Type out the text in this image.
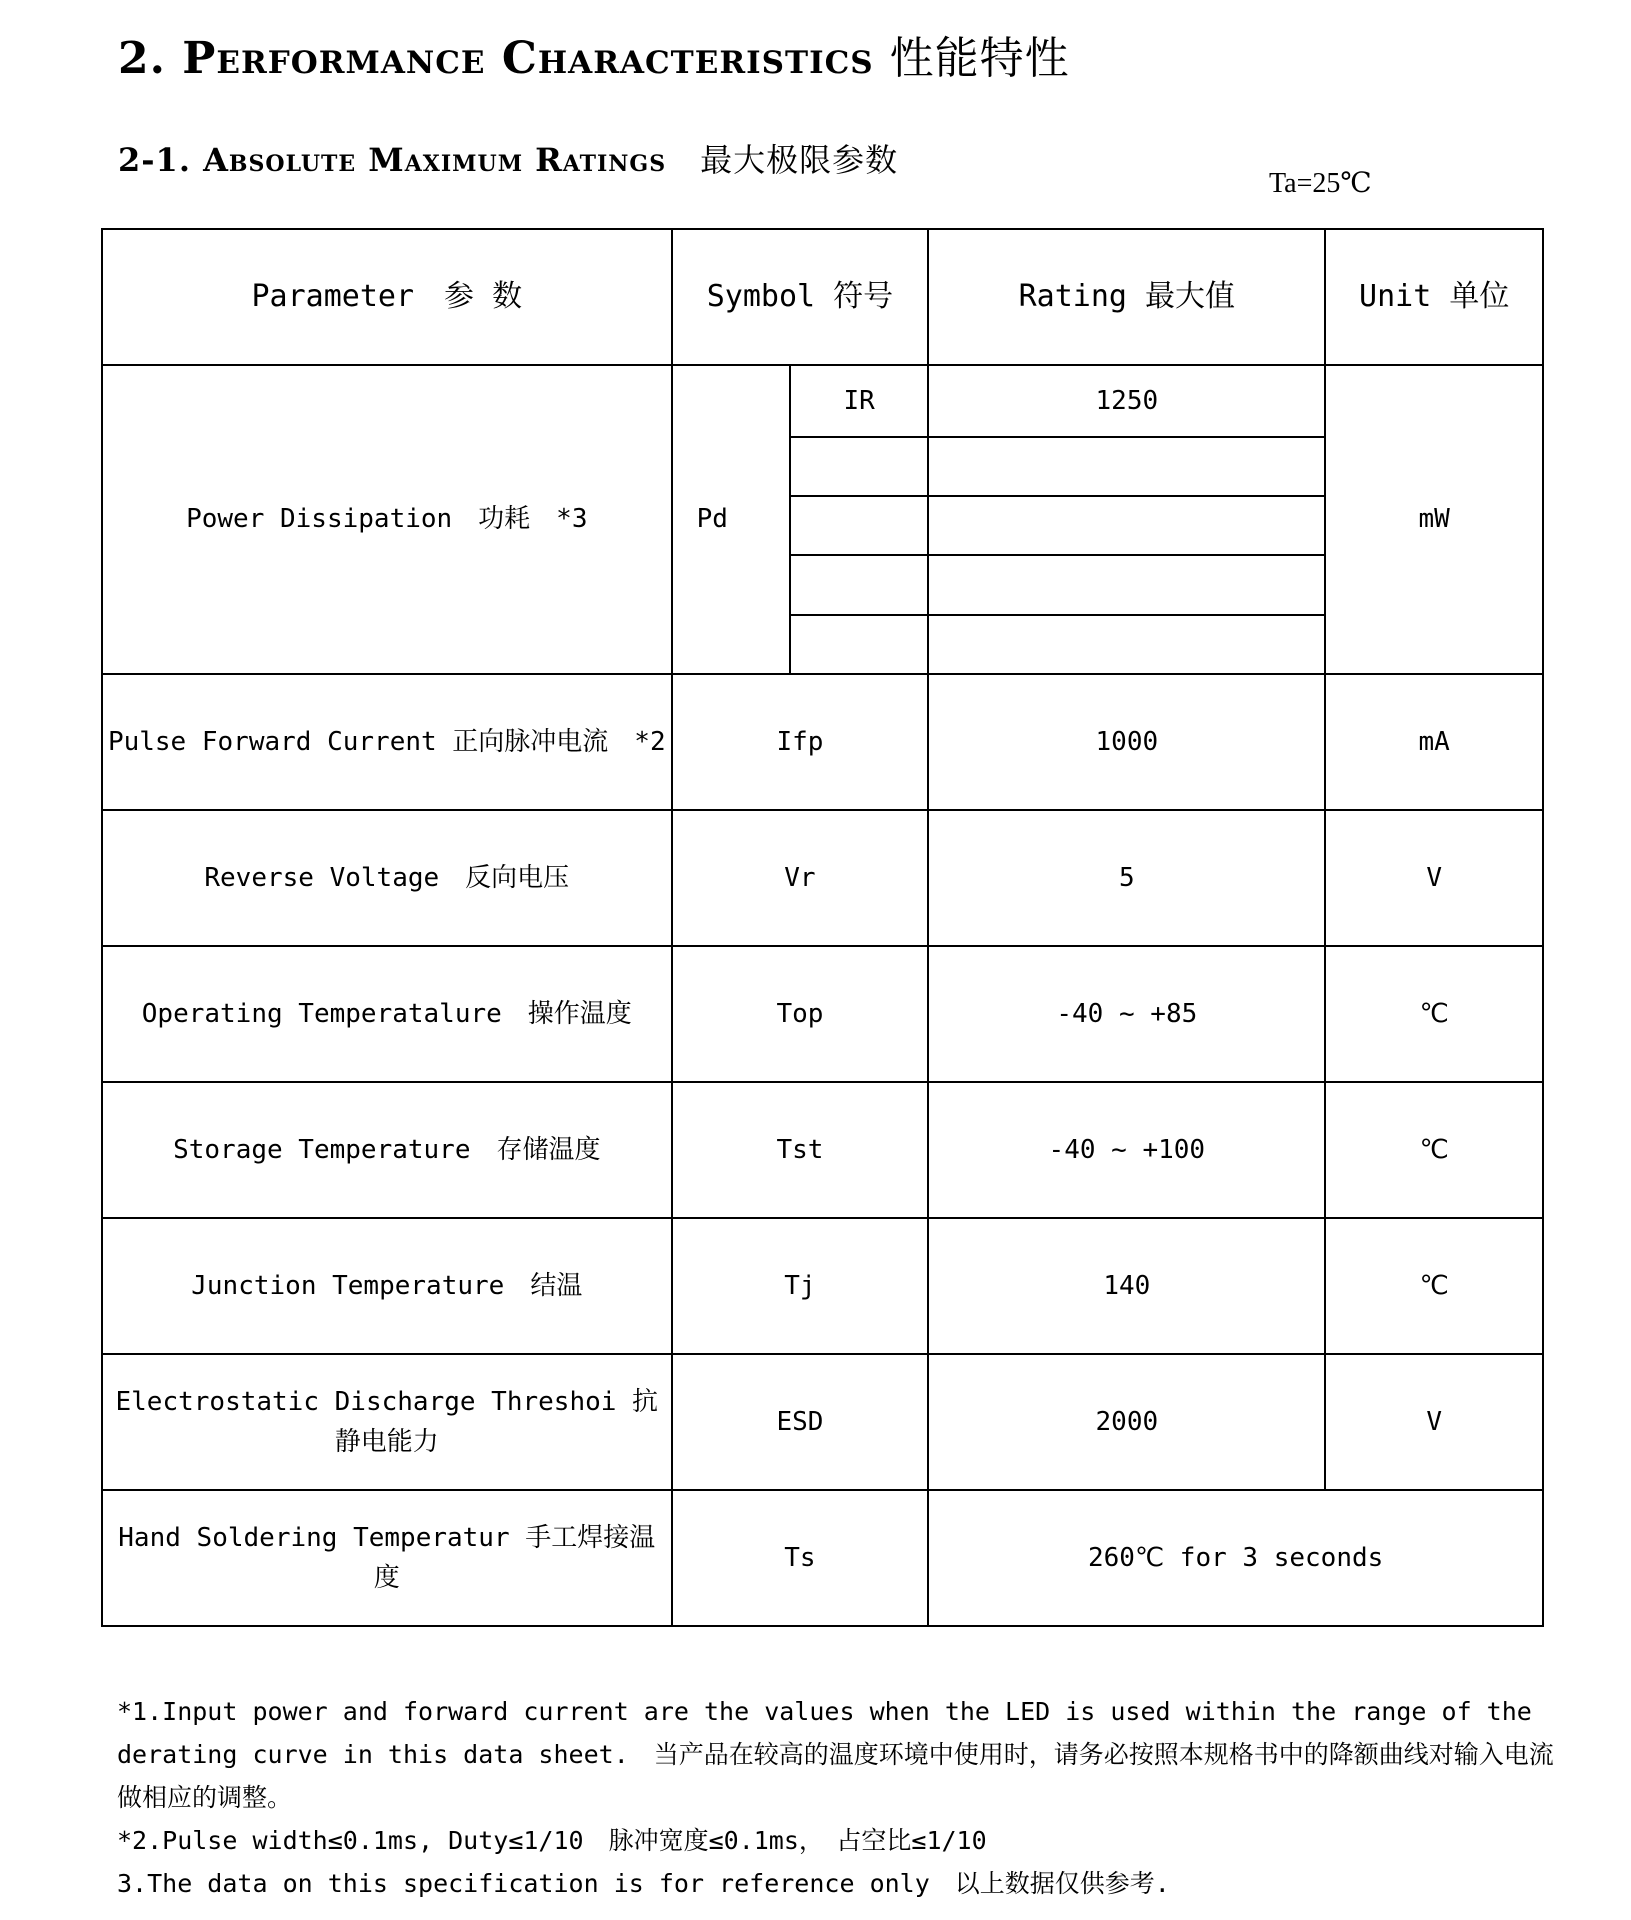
2. Performance Characteristics 性能特性
2-1. Absolute Maximum Ratings 最大极限参数
Ta=25℃
Parameter　参 数	Symbol 符号		Rating 最大值	Unit 单位
Power Dissipation　功耗　*3	Pd	IR	1250	mW

Pulse Forward Current 正向脉冲电流　*2	Ifp		1000	mA
Reverse Voltage　反向电压	Vr		5	V
Operating Temperatalure　操作温度	Top		-40 ~ +85	℃
Storage Temperature　存储温度	Tst		-40 ~ +100	℃
Junction Temperature　结温	Tj		140	℃
Electrostatic Discharge Threshoi 抗静电能力	ESD		2000	V
Hand Soldering Temperatur 手工焊接温度	Ts		260℃ for 3 seconds	

*1.Input power and forward current are the values when the LED is used within the range of the derating curve in this data sheet.　当产品在较高的温度环境中使用时，请务必按照本规格书中的降额曲线对输入电流做相应的调整。

*2.Pulse width≤0.1ms, Duty≤1/10　脉冲宽度≤0.1ms，　占空比≤1/10

3.The data on this specification is for reference only　以上数据仅供参考.
